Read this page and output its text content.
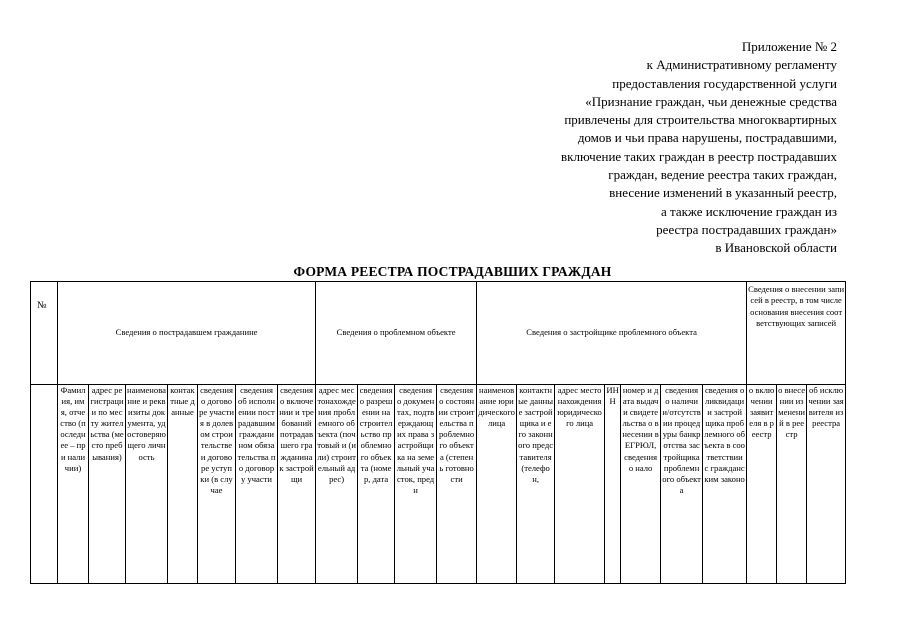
Приложение № 2
к Административному регламенту
предоставления государственной услуги
«Признание граждан, чьи денежные средства
привлечены для строительства многоквартирных
домов и чьи права нарушены, пострадавшими,
включение таких граждан в реестр пострадавших
граждан, ведение реестра таких граждан,
внесение изменений в указанный реестр,
а также исключение граждан из
реестра пострадавших граждан»
в Ивановской области
ФОРМА РЕЕСТРА ПОСТРАДАВШИХ ГРАЖДАН
№	Сведения о пострадавшем гражданине							Сведения о проблемном объекте				Сведения о застройщике проблемного объекта							Сведения о внесении записей в реестр, в том числе основания внесения соответствующих записей		

	Фамилия, имя, отчество (последнее – при наличии)	адрес регистрации по месту жительства (место пребывания)	наименование и реквизиты документа, удостоверяющего личность	контактные данные	сведения о договоре участия в долевом строительстве и договоре уступки (в случае	сведения об исполнении пострадавшим гражданином обязательства по договору участи	сведения о включении и требований потрадавшего гражданина к застройщи	адрес местонахождения проблемного объекта (почтовый и (или) строительный адрес)	сведения о разрешении на строительство проблемного объекта (номер, дата	сведения о документах, подтверждающих права застройщика на земельный участок, предн	сведения о состоянии строительства проблемного объекта (степень готовности	наименование юридического лица	контактные данные застройщика и его законного представителя (телефон,	адрес местонахождения юридического лица	ИНН	номер и дата выдачи свидетельства о внесении в ЕГРЮЛ, сведения о нало	сведения о наличии/отсутствии процедуры банкротства застройщика проблемного объекта	сведения о ликвидации застройщика проблемного объекта в соответствии с гражданским законо	о включении заявителя в реестр	о внесении изменений в реестр	об исключении заявителя из реестра
